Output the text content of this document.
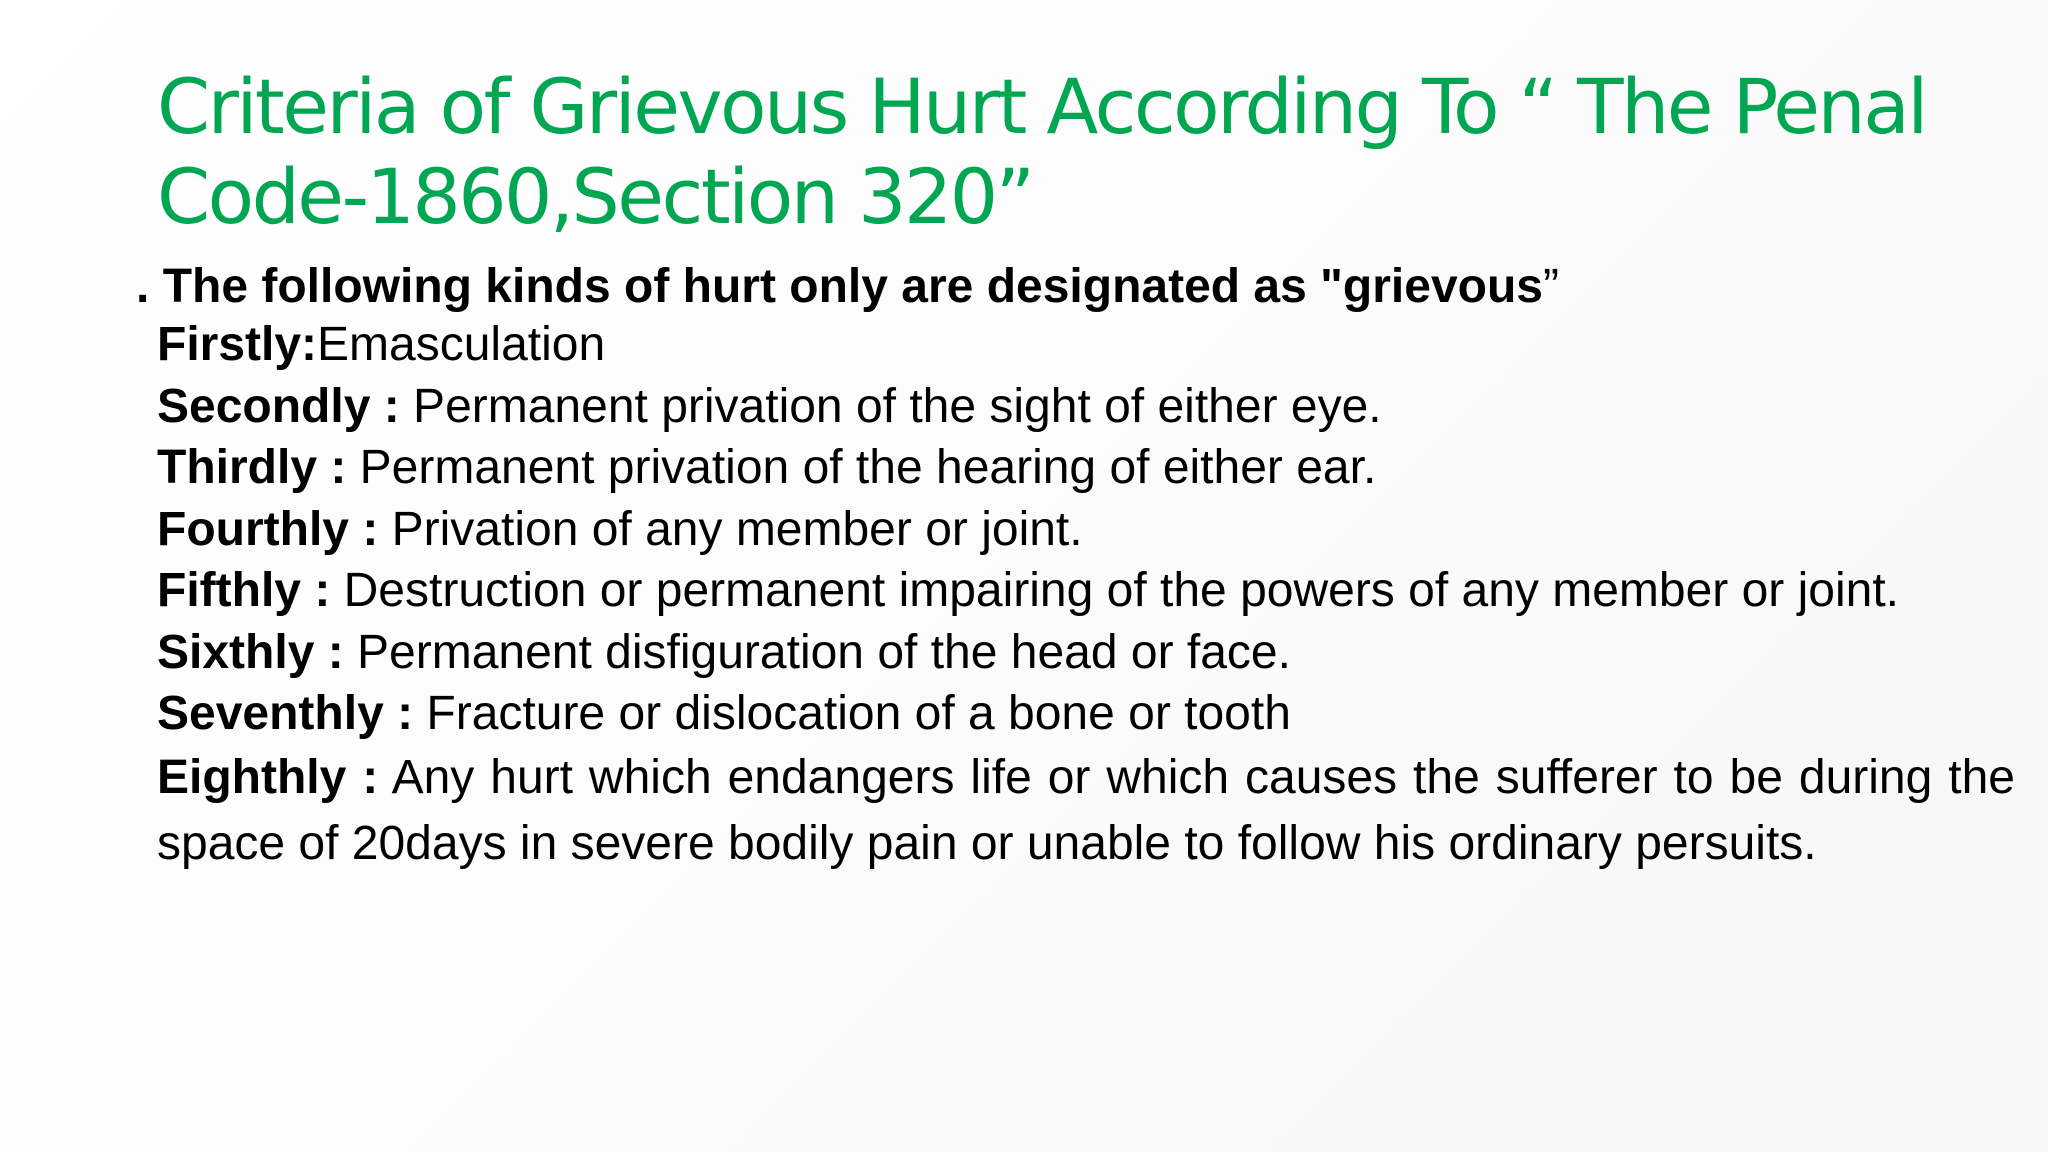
Criteria of Grievous Hurt According To “ The Penal
Code-1860,Section 320”
. The following kinds of hurt only are designated as "grievous”
Firstly:Emasculation
Secondly : Permanent privation of the sight of either eye.
Thirdly : Permanent privation of the hearing of either ear.
Fourthly : Privation of any member or joint.
Fifthly : Destruction or permanent impairing of the powers of any member or joint.
Sixthly : Permanent disfiguration of the head or face.
Seventhly : Fracture or dislocation of a bone or tooth
Eighthly : Any hurt which endangers life or which causes the sufferer to be during the space of 20days in severe bodily pain or unable to follow his ordinary persuits.
